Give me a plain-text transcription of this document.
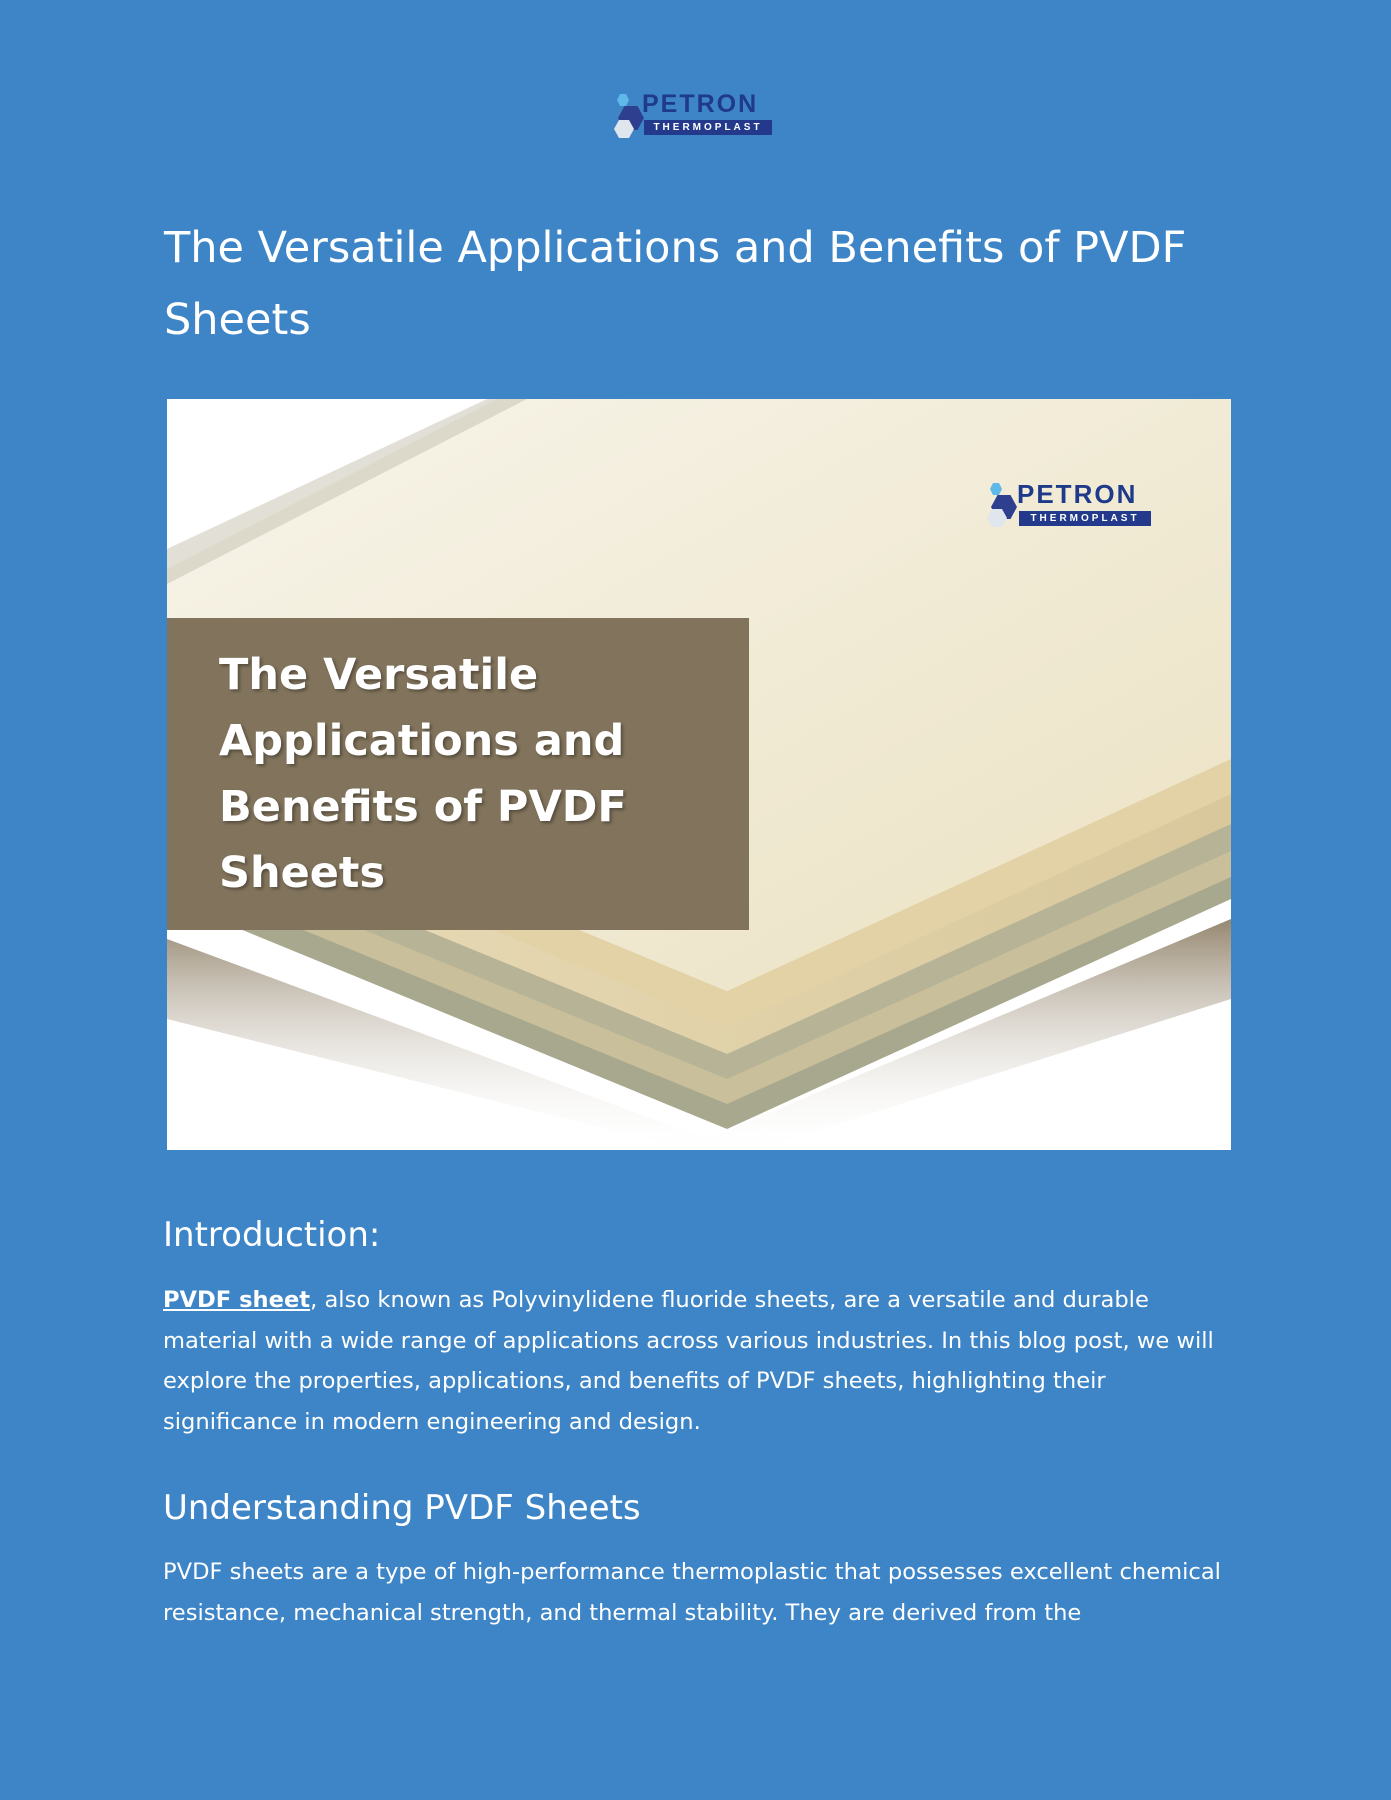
PETRON
THERMOPLAST
The Versatile Applications and Benefits of PVDF Sheets
PETRON
THERMOPLAST
The Versatile Applications and Benefits of PVDF Sheets
Introduction:

PVDF sheet, also known as Polyvinylidene fluoride sheets, are a versatile and durable material with a wide range of applications across various industries. In this blog post, we will explore the properties, applications, and benefits of PVDF sheets, highlighting their significance in modern engineering and design.

Understanding PVDF Sheets

PVDF sheets are a type of high-performance thermoplastic that possesses excellent chemical resistance, mechanical strength, and thermal stability. They are derived from the
